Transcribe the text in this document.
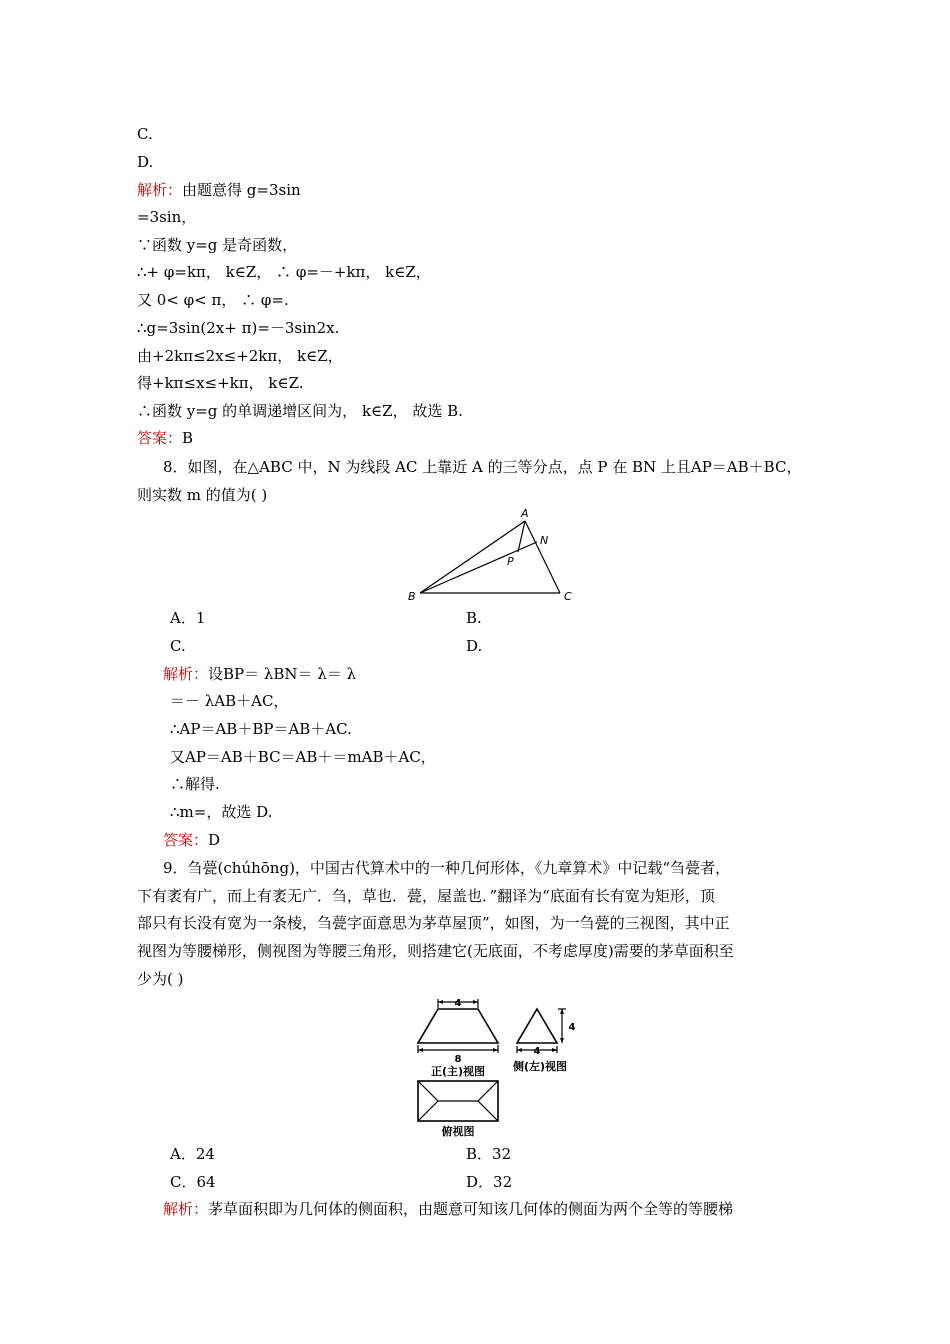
C.
D.
解析：由题意得 g=3sin
=3sin，
∵函数 y=g 是奇函数，
∴+ φ=kπ， k∈Z， ∴ φ=－+kπ， k∈Z，
又 0< φ< π， ∴ φ=.
∴g=3sin(2x+ π)=－3sin2x.
由+2kπ≤2x≤+2kπ， k∈Z，
得+kπ≤x≤+kπ， k∈Z.
∴函数 y=g 的单调递增区间为， k∈Z， 故选 B.
答案：B
8．如图，在△ABC 中，N 为线段 AC 上靠近 A 的三等分点，点 P 在 BN 上且AP＝AB＋BC，
则实数 m 的值为( )
A
B	C
N
P
A．1	B.
C.	D.
解析：设BP＝ λBN＝ λ＝ λ
＝－ λAB＋AC，
∴AP＝AB＋BP＝AB＋AC.
又AP＝AB＋BC＝AB＋＝mAB＋AC，
∴解得.
∴m=，故选 D.
答案：D
9．刍甍(chúhōng)，中国古代算术中的一种几何形体，《九章算术》中记载“刍甍者，
下有袤有广，而上有袤无广．刍，草也．甍，屋盖也．”翻译为“底面有长有宽为矩形，顶
部只有长没有宽为一条棱，刍甍字面意思为茅草屋顶”，如图，为一刍甍的三视图，其中正
视图为等腰梯形，侧视图为等腰三角形，则搭建它(无底面，不考虑厚度)需要的茅草面积至
少为( )
4
8
正(主)视图
4
4
侧(左)视图
俯视图
A．24	B．32
C．64	D．32
解析：茅草面积即为几何体的侧面积，由题意可知该几何体的侧面为两个全等的等腰梯
